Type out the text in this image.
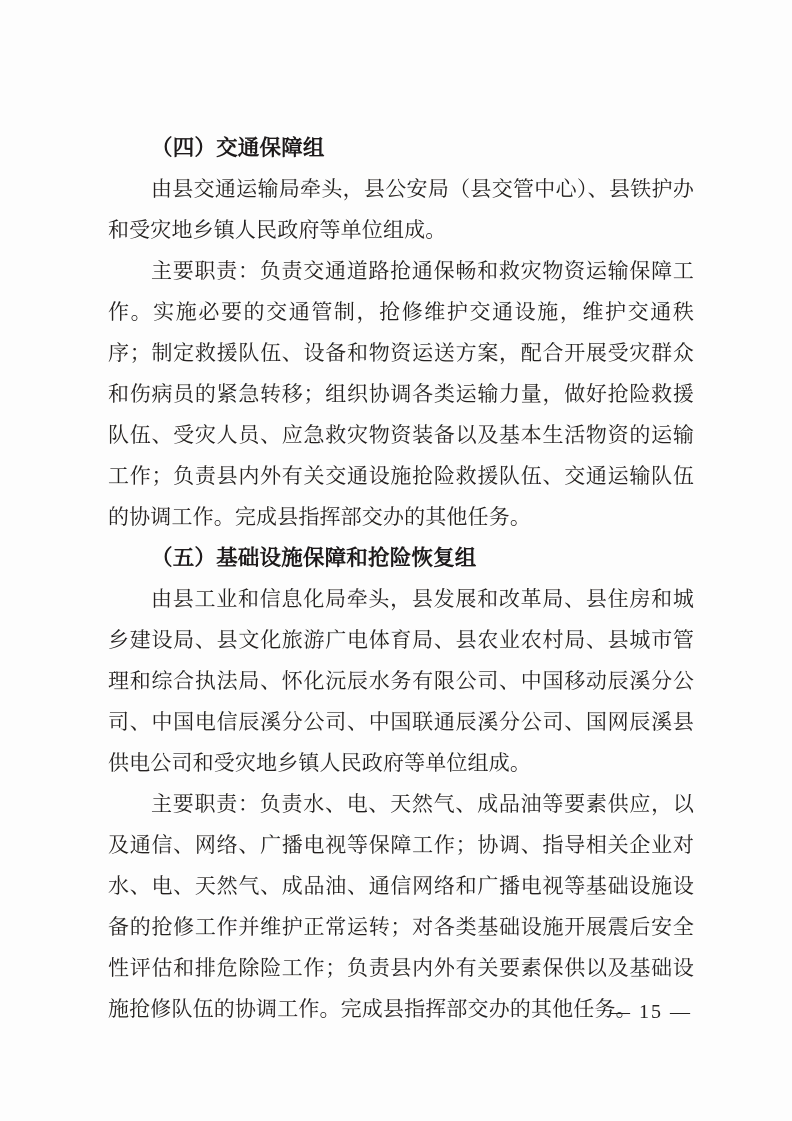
（四）交通保障组
由县交通运输局牵头，县公安局（县交管中心）、县铁护办和受灾地乡镇人民政府等单位组成。
主要职责：负责交通道路抢通保畅和救灾物资运输保障工作。实施必要的交通管制，抢修维护交通设施，维护交通秩序；制定救援队伍、设备和物资运送方案，配合开展受灾群众和伤病员的紧急转移；组织协调各类运输力量，做好抢险救援队伍、受灾人员、应急救灾物资装备以及基本生活物资的运输工作；负责县内外有关交通设施抢险救援队伍、交通运输队伍的协调工作。完成县指挥部交办的其他任务。
（五）基础设施保障和抢险恢复组
由县工业和信息化局牵头，县发展和改革局、县住房和城乡建设局、县文化旅游广电体育局、县农业农村局、县城市管理和综合执法局、怀化沅辰水务有限公司、中国移动辰溪分公司、中国电信辰溪分公司、中国联通辰溪分公司、国网辰溪县供电公司和受灾地乡镇人民政府等单位组成。
主要职责：负责水、电、天然气、成品油等要素供应，以及通信、网络、广播电视等保障工作；协调、指导相关企业对水、电、天然气、成品油、通信网络和广播电视等基础设施设备的抢修工作并维护正常运转；对各类基础设施开展震后安全性评估和排危除险工作；负责县内外有关要素保供以及基础设施抢修队伍的协调工作。完成县指挥部交办的其他任务。
— 15 —
